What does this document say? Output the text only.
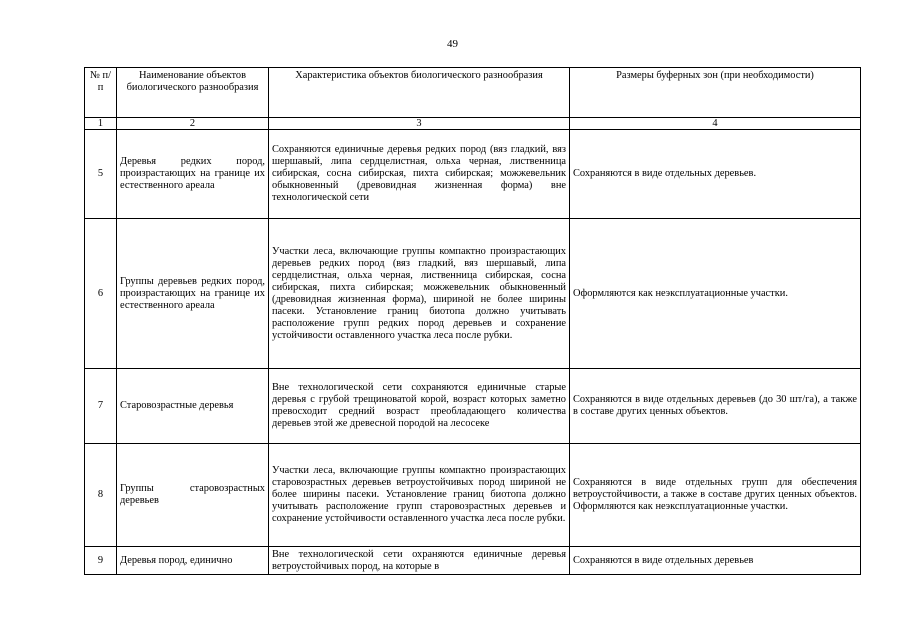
49
№ п/п	Наименование объектов биологического разнообразия	Характеристика объектов биологического разнообразия	Размеры буферных зон (при необходимости)
1	2	3	4
5	Деревья редких пород, произрастающих на границе их естественного ареала	Сохраняются единичные деревья редких пород (вяз гладкий, вяз шершавый, липа сердцелистная, ольха черная, лиственница сибирская, сосна сибирская, пихта сибирская; можжевельник обыкновенный (древовидная жизненная форма) вне технологической сети	Сохраняются в виде отдельных деревьев.
6	Группы деревьев редких пород, произрастающих на границе их естественного ареала	Участки леса, включающие группы компактно произрастающих деревьев редких пород (вяз гладкий, вяз шершавый, липа сердцелистная, ольха черная, лиственница сибирская, сосна сибирская, пихта сибирская; можжевельник обыкновенный (древовидная жизненная форма), шириной не более ширины пасеки. Установление границ биотопа должно учитывать расположение групп редких пород деревьев и сохранение устойчивости оставленного участка леса после рубки.	Оформляются как неэксплуатационные участки.
7	Старовозрастные деревья	Вне технологической сети сохраняются единичные старые деревья с грубой трещиноватой корой, возраст которых заметно превосходит средний возраст преобладающего количества деревьев этой же древесной породой на лесосеке	Сохраняются в виде отдельных деревьев (до 30 шт/га), а также в составе других ценных объектов.
8	Группы старовозрастных деревьев	Участки леса, включающие группы компактно произрастающих старовозрастных деревьев ветроустойчивых пород шириной не более ширины пасеки. Установление границ биотопа должно учитывать расположение групп старовозрастных деревьев и сохранение устойчивости оставленного участка леса после рубки.	Сохраняются в виде отдельных групп для обеспечения ветроустойчивости, а также в составе других ценных объектов. Оформляются как неэксплуатационные участки.
9	Деревья пород, единично	Вне технологической сети охраняются единичные деревья ветроустойчивых пород, на которые в	Сохраняются в виде отдельных деревьев
